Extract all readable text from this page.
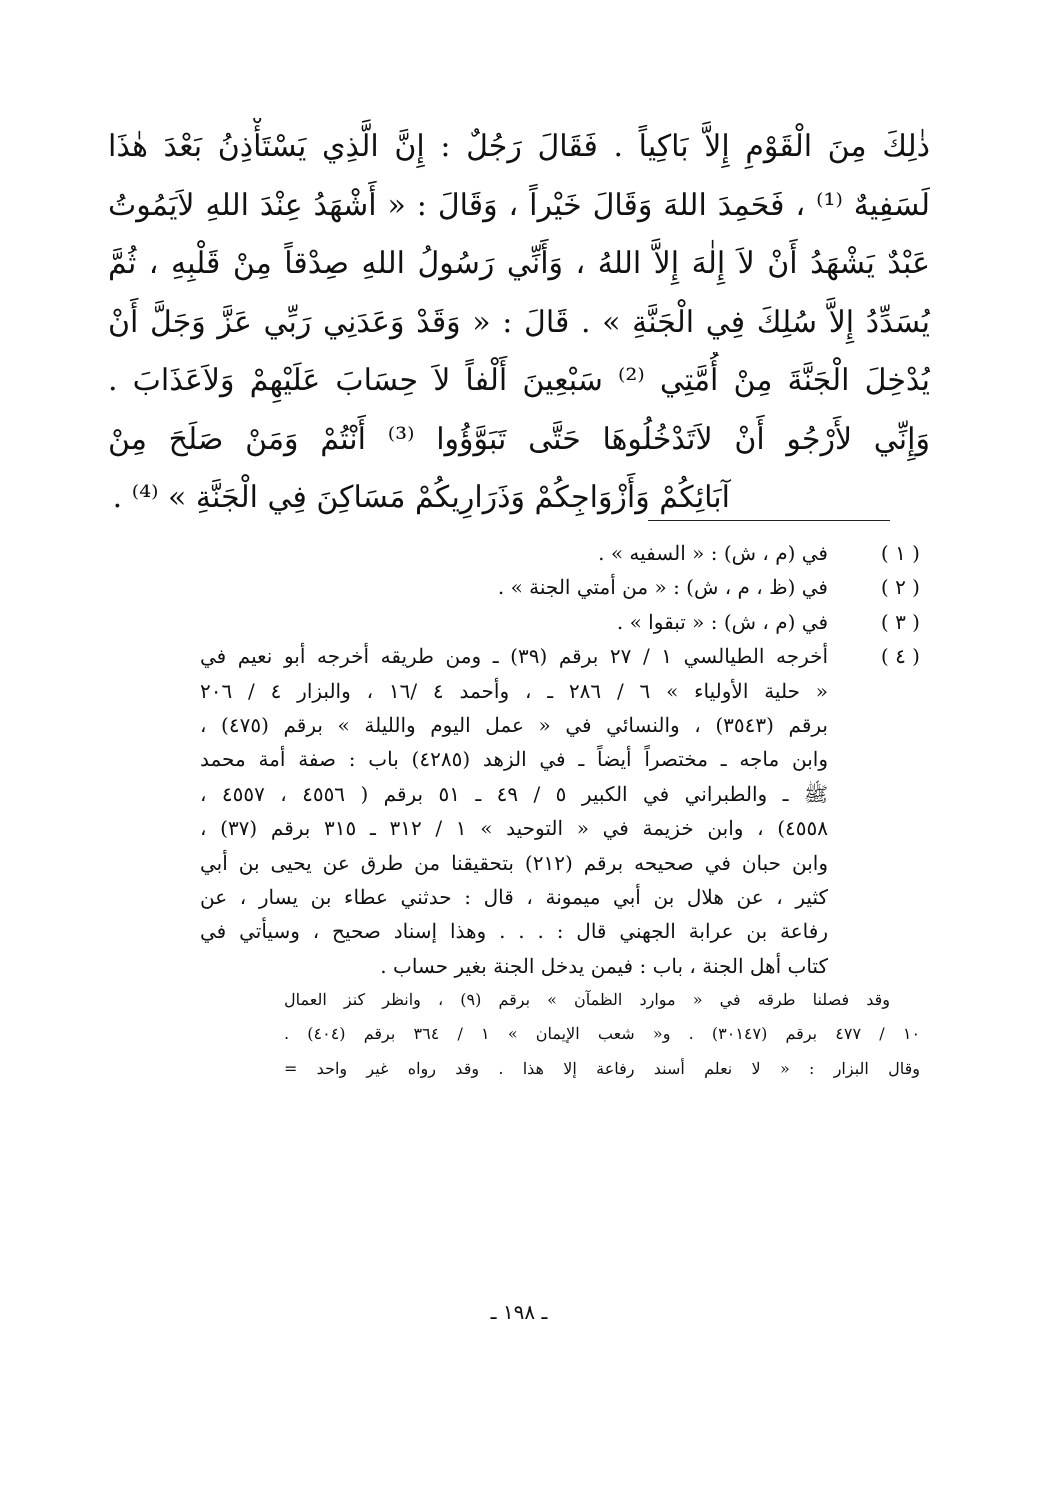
ذٰلِكَ مِنَ الْقَوْمِ إِلاَّ بَاكِياً . فَقَالَ رَجُلٌ : إِنَّ الَّذِي يَسْتَأْذِنُ بَعْدَ هٰذَا
لَسَفِيهٌ ⁽¹⁾ ، فَحَمِدَ اللهَ وَقَالَ خَيْراً ، وَقَالَ : « أَشْهَدُ عِنْدَ اللهِ لاَيَمُوتُ
عَبْدٌ يَشْهَدُ أَنْ لاَ إِلٰهَ إِلاَّ اللهُ ، وَأَنِّي رَسُولُ اللهِ صِدْقاً مِنْ قَلْبِهِ ، ثُمَّ
يُسَدِّدُ إِلاَّ سُلِكَ فِي الْجَنَّةِ » . قَالَ : « وَقَدْ وَعَدَنِي رَبِّي عَزَّ وَجَلَّ أَنْ
يُدْخِلَ الْجَنَّةَ مِنْ أُمَّتِي ⁽²⁾ سَبْعِينَ أَلْفاً لاَ حِسَابَ عَلَيْهِمْ وَلاَعَذَابَ .
وَإِنِّي لأَرْجُو أَنْ لاَتَدْخُلُوهَا حَتَّى تَبَوَّؤُوا ⁽³⁾ أَنْتُمْ وَمَنْ صَلَحَ مِنْ
آبَائِكُمْ وَأَزْوَاجِكُمْ وَذَرَارِيكُمْ مَسَاكِنَ فِي الْجَنَّةِ » ⁽⁴⁾ .
( ١ )
في (م ، ش) : « السفيه » .
( ٢ )
في (ظ ، م ، ش) : « من أمتي الجنة » .
( ٣ )
في (م ، ش) : « تبقوا » .
( ٤ )
أخرجه الطيالسي ١ / ٢٧ برقم (٣٩) ـ ومن طريقه أخرجه أبو نعيم في
« حلية الأولياء » ٦ / ٢٨٦ ـ ، وأحمد ٤ /١٦ ، والبزار ٤ / ٢٠٦
برقم (٣٥٤٣) ، والنسائي في « عمل اليوم والليلة » برقم (٤٧٥) ،
وابن ماجه ـ مختصراً أيضاً ـ في الزهد (٤٢٨٥) باب : صفة أمة محمد
ﷺ ـ والطبراني في الكبير ٥ / ٤٩ ـ ٥١ برقم ( ٤٥٥٦ ، ٤٥٥٧ ،
٤٥٥٨) ، وابن خزيمة في « التوحيد » ١ / ٣١٢ ـ ٣١٥ برقم (٣٧) ،
وابن حبان في صحيحه برقم (٢١٢) بتحقيقنا من طرق عن يحيى بن أبي
كثير ، عن هلال بن أبي ميمونة ، قال : حدثني عطاء بن يسار ، عن
رفاعة بن عرابة الجهني قال : . . . وهذا إسناد صحيح ، وسيأتي في
كتاب أهل الجنة ، باب : فيمن يدخل الجنة بغير حساب .
وقد فصلنا طرقه في « موارد الظمآن » برقم (٩) ، وانظر كنز العمال
١٠ / ٤٧٧ برقم (٣٠١٤٧) . و« شعب الإيمان » ١ / ٣٦٤ برقم (٤٠٤) .
وقال البزار : « لا نعلم أسند رفاعة إلا هذا . وقد رواه غير واحد =
ـ ١٩٨ ـ
